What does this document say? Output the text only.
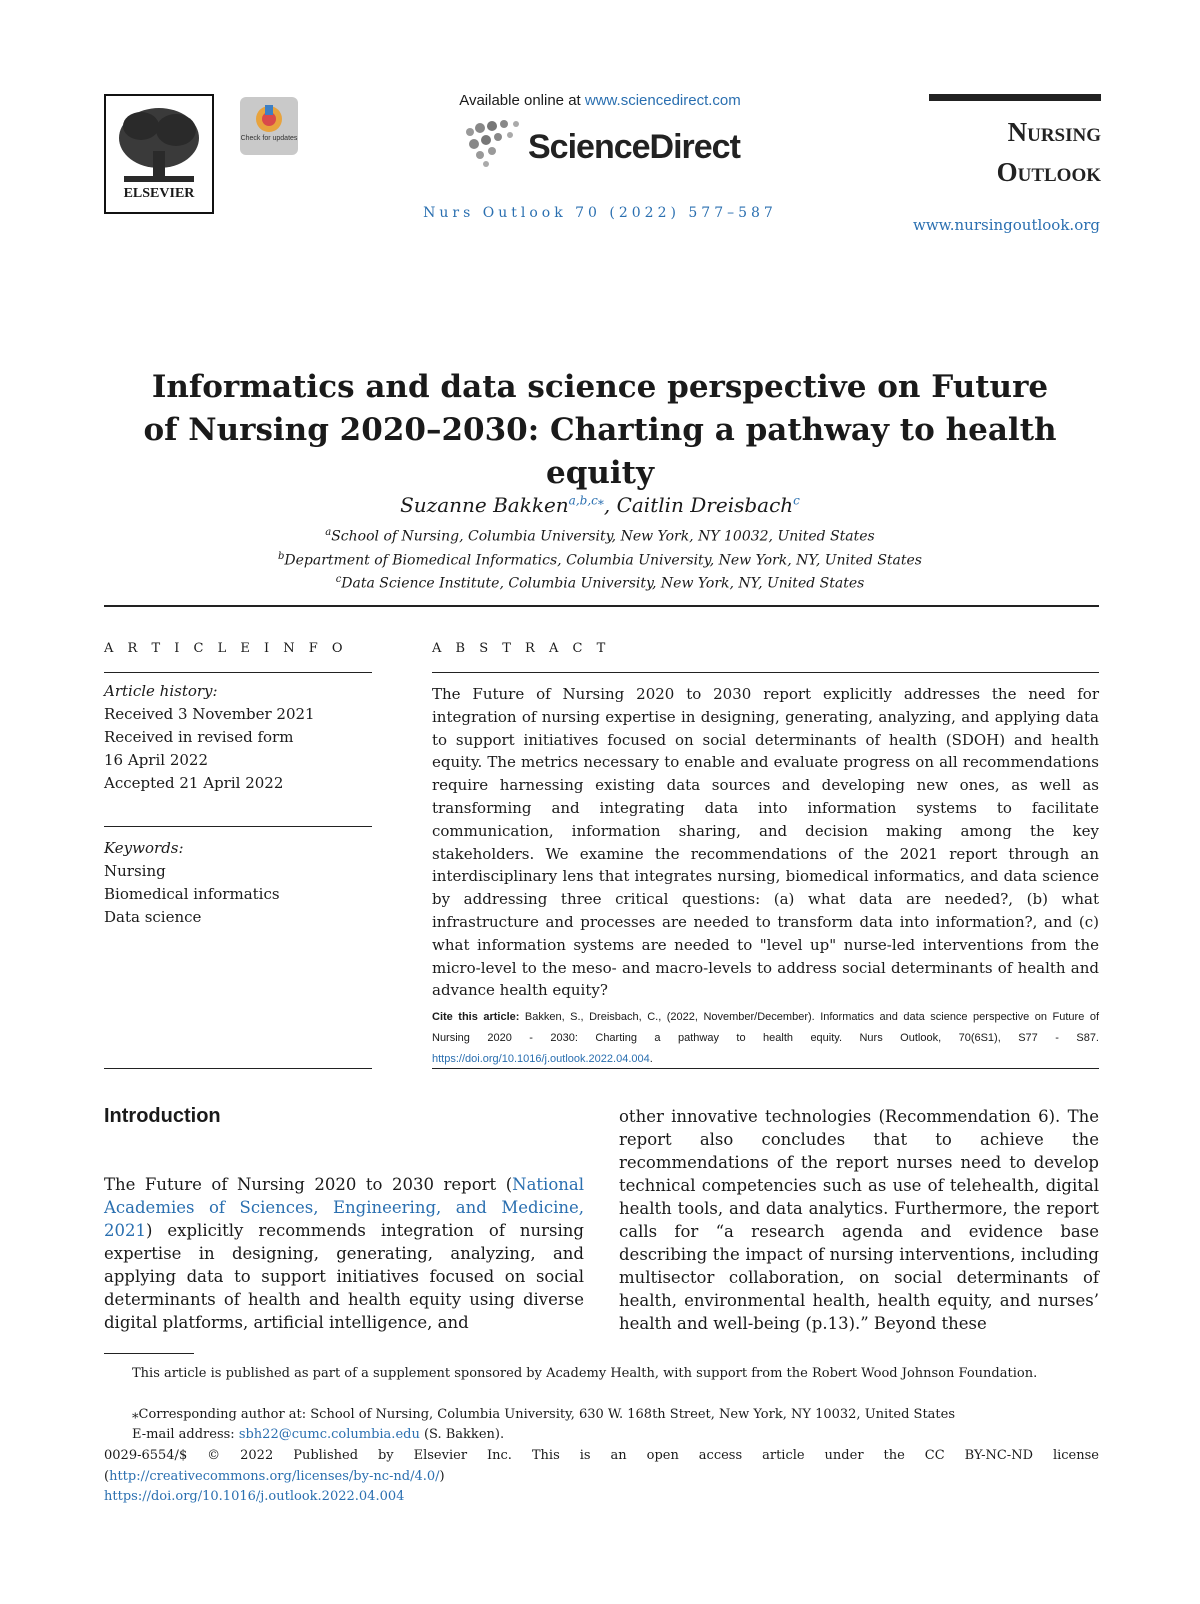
ELSEVIER
Check for updates
Available online at www.sciencedirect.com
ScienceDirect
Nurs Outlook 70 (2022) 577–587
Nursing
Outlook
www.nursingoutlook.org
Informatics and data science perspective on Future of Nursing 2020–2030: Charting a pathway to health equity
Suzanne Bakken$^{a,b,c⁎}$, Caitlin Dreisbach$^c$
$^a$School of Nursing, Columbia University, New York, NY 10032, United States
$^b$Department of Biomedical Informatics, Columbia University, New York, NY, United States
$^c$Data Science Institute, Columbia University, New York, NY, United States
A R T I C L E I N F O	A B S T R A C T
Article history:
Received 3 November 2021
Received in revised form
16 April 2022
Accepted 21 April 2022
Keywords:
Nursing
Biomedical informatics
Data science
The Future of Nursing 2020 to 2030 report explicitly addresses the need for integration of nursing expertise in designing, generating, analyzing, and applying data to support initiatives focused on social determinants of health (SDOH) and health equity. The metrics necessary to enable and evaluate progress on all recommendations require harnessing existing data sources and developing new ones, as well as transforming and integrating data into information systems to facilitate communication, information sharing, and decision making among the key stakeholders. We examine the recommendations of the 2021 report through an interdisciplinary lens that integrates nursing, biomedical informatics, and data science by addressing three critical questions: (a) what data are needed?, (b) what infrastructure and processes are needed to transform data into information?, and (c) what information systems are needed to "level up" nurse-led interventions from the micro-level to the meso- and macro-levels to address social determinants of health and advance health equity?
Cite this article: Bakken, S., Dreisbach, C., (2022, November/December). Informatics and data science perspective on Future of Nursing 2020 - 2030: Charting a pathway to health equity. Nurs Outlook, 70(6S1), S77 - S87. https://doi.org/10.1016/j.outlook.2022.04.004.
Introduction
The Future of Nursing 2020 to 2030 report (National Academies of Sciences, Engineering, and Medicine, 2021) explicitly recommends integration of nursing expertise in designing, generating, analyzing, and applying data to support initiatives focused on social determinants of health and health equity using diverse digital platforms, artificial intelligence, and
other innovative technologies (Recommendation 6). The report also concludes that to achieve the recommendations of the report nurses need to develop technical competencies such as use of telehealth, digital health tools, and data analytics. Furthermore, the report calls for “a research agenda and evidence base describing the impact of nursing interventions, including multisector collaboration, on social determinants of health, environmental health, health equity, and nurses’ health and well-being (p.13).” Beyond these
This article is published as part of a supplement sponsored by Academy Health, with support from the Robert Wood Johnson Foundation.
⁎Corresponding author at: School of Nursing, Columbia University, 630 W. 168th Street, New York, NY 10032, United States
E-mail address: sbh22@cumc.columbia.edu (S. Bakken).
0029-6554/$ © 2022 Published by Elsevier Inc. This is an open access article under the CC BY-NC-ND license (http://creativecommons.org/licenses/by-nc-nd/4.0/)
https://doi.org/10.1016/j.outlook.2022.04.004
